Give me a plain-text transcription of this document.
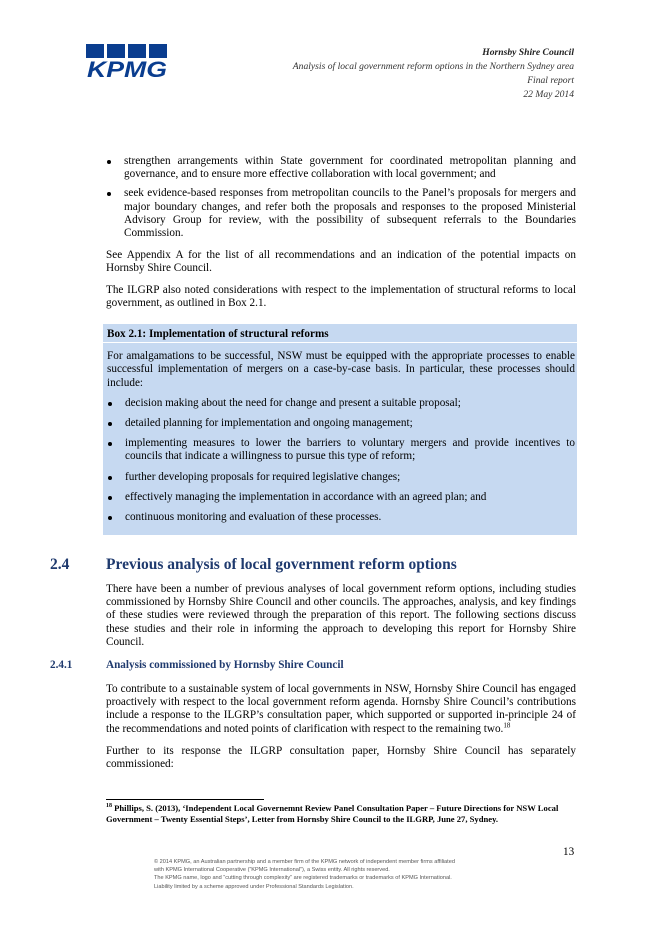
KPMG
Hornsby Shire Council
Analysis of local government reform options in the Northern Sydney area
Final report
22 May 2014
strengthen arrangements within State government for coordinated metropolitan planning and governance, and to ensure more effective collaboration with local government; and
seek evidence-based responses from metropolitan councils to the Panel’s proposals for mergers and major boundary changes, and refer both the proposals and responses to the proposed Ministerial Advisory Group for review, with the possibility of subsequent referrals to the Boundaries Commission.

See Appendix A for the list of all recommendations and an indication of the potential impacts on Hornsby Shire Council.

The ILGRP also noted considerations with respect to the implementation of structural reforms to local government, as outlined in Box 2.1.

Box 2.1: Implementation of structural reforms

For amalgamations to be successful, NSW must be equipped with the appropriate processes to enable successful implementation of mergers on a case-by-case basis. In particular, these processes should include:

decision making about the need for change and present a suitable proposal;
detailed planning for implementation and ongoing management;
implementing measures to lower the barriers to voluntary mergers and provide incentives to councils that indicate a willingness to pursue this type of reform;
further developing proposals for required legislative changes;
effectively managing the implementation in accordance with an agreed plan; and
continuous monitoring and evaluation of these processes.
2.4 Previous analysis of local government reform options

There have been a number of previous analyses of local government reform options, including studies commissioned by Hornsby Shire Council and other councils. The approaches, analysis, and key findings of these studies were reviewed through the preparation of this report. The following sections discuss these studies and their role in informing the approach to developing this report for Hornsby Shire Council.

2.4.1	Analysis commissioned by Hornsby Shire Council

To contribute to a sustainable system of local governments in NSW, Hornsby Shire Council has engaged proactively with respect to the local government reform agenda. Hornsby Shire Council’s contributions include a response to the ILGRP’s consultation paper, which supported or supported in-principle 24 of the recommendations and noted points of clarification with respect to the remaining two.$^{18}$

Further to its response the ILGRP consultation paper, Hornsby Shire Council has separately commissioned:

$^{18}$ Phillips, S. (2013), ‘Independent Local Governemnt Review Panel Consultation Paper – Future Directions for NSW Local Government – Twenty Essential Steps’, Letter from Hornsby Shire Council to the ILGRP, June 27, Sydney.
13
© 2014 KPMG, an Australian partnership and a member firm of the KPMG network of independent member firms affiliated
with KPMG International Cooperative (“KPMG International”), a Swiss entity. All rights reserved.
The KPMG name, logo and “cutting through complexity” are registered trademarks or trademarks of KPMG International.
Liability limited by a scheme approved under Professional Standards Legislation.
